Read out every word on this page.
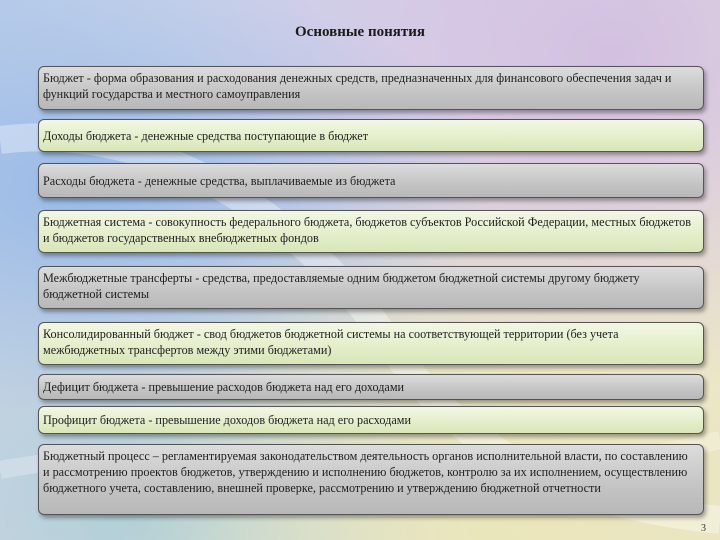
Основные понятия
Бюджет - форма образования и расходования денежных средств, предназначенных для финансового обеспечения задач и функций государства и местного самоуправления
Доходы бюджета - денежные средства поступающие в бюджет
Расходы бюджета - денежные средства, выплачиваемые из бюджета
Бюджетная система - совокупность федерального бюджета, бюджетов субъектов Российской Федерации, местных бюджетов и бюджетов государственных внебюджетных фондов
Межбюджетные трансферты - средства, предоставляемые одним бюджетом бюджетной системы другому бюджету бюджетной системы
Консолидированный бюджет - свод бюджетов бюджетной системы на соответствующей территории (без учета межбюджетных трансфертов между этими бюджетами)
Дефицит бюджета - превышение расходов бюджета над его доходами
Профицит бюджета - превышение доходов бюджета над его расходами
Бюджетный процесс – регламентируемая законодательством деятельность органов исполнительной власти, по составлению и рассмотрению проектов бюджетов, утверждению и исполнению бюджетов, контролю за их исполнением, осуществлению бюджетного учета, составлению, внешней проверке, рассмотрению и утверждению бюджетной отчетности
3
